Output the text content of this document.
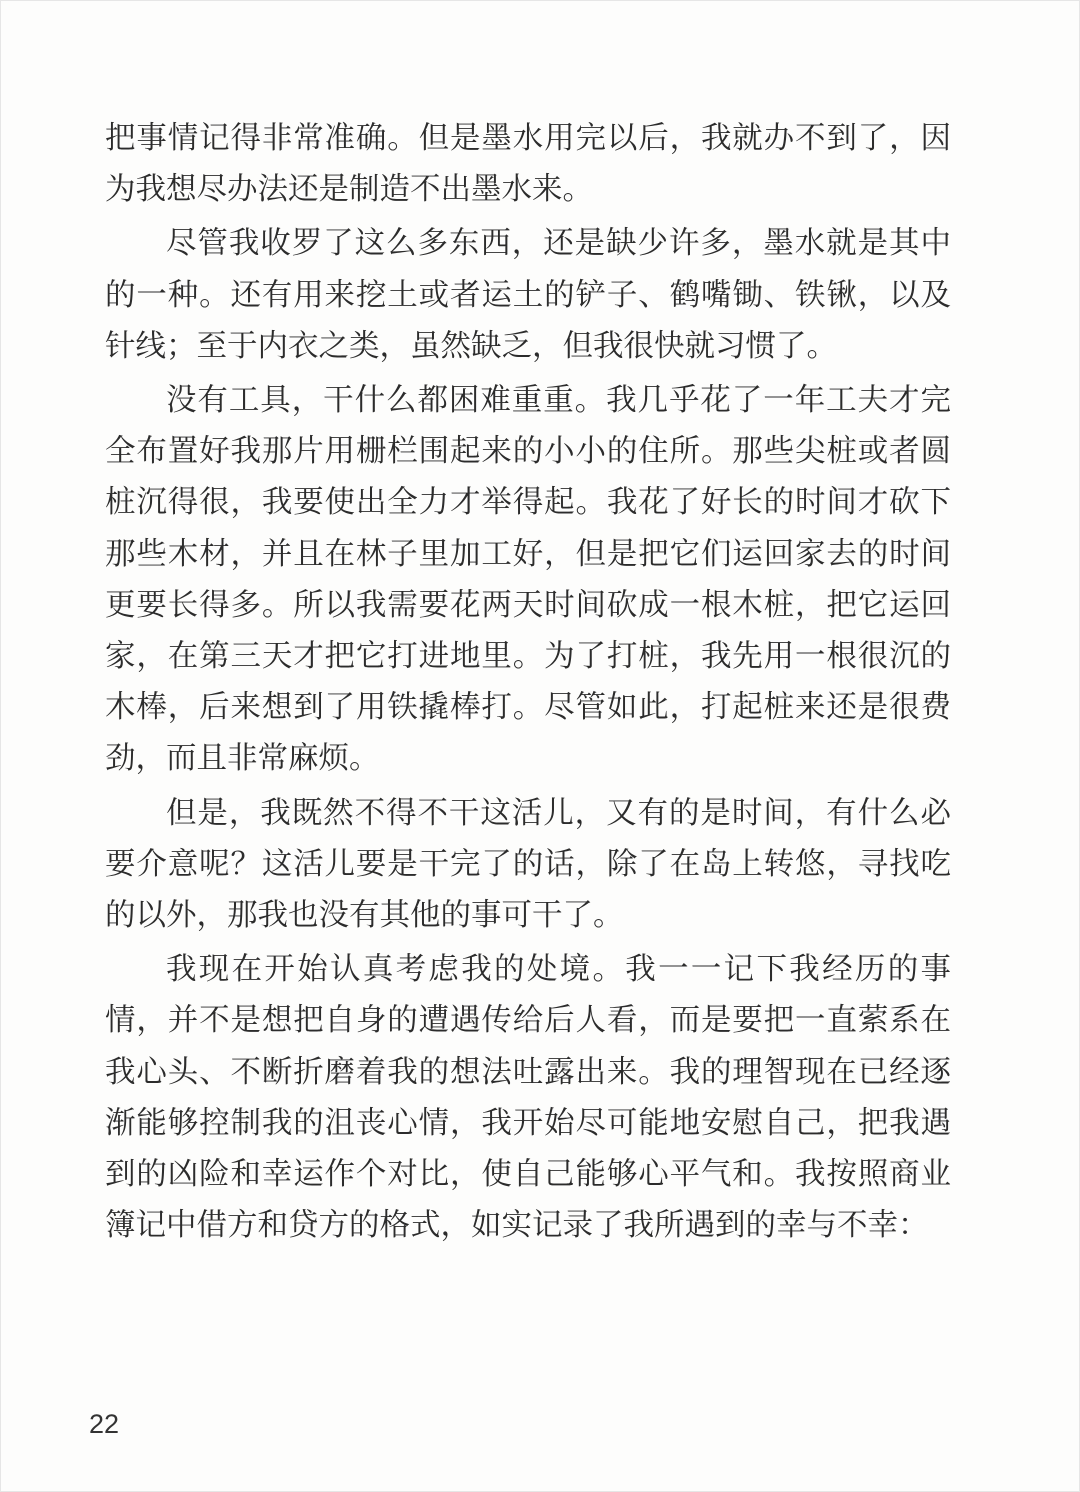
把事情记得非常准确。但是墨水用完以后，我就办不到了，因为我想尽办法还是制造不出墨水来。

尽管我收罗了这么多东西，还是缺少许多，墨水就是其中的一种。还有用来挖土或者运土的铲子、鹤嘴锄、铁锹，以及针线；至于内衣之类，虽然缺乏，但我很快就习惯了。

没有工具，干什么都困难重重。我几乎花了一年工夫才完全布置好我那片用栅栏围起来的小小的住所。那些尖桩或者圆桩沉得很，我要使出全力才举得起。我花了好长的时间才砍下那些木材，并且在林子里加工好，但是把它们运回家去的时间更要长得多。所以我需要花两天时间砍成一根木桩，把它运回家，在第三天才把它打进地里。为了打桩，我先用一根很沉的木棒，后来想到了用铁撬棒打。尽管如此，打起桩来还是很费劲，而且非常麻烦。

但是，我既然不得不干这活儿，又有的是时间，有什么必要介意呢？这活儿要是干完了的话，除了在岛上转悠，寻找吃的以外，那我也没有其他的事可干了。

我现在开始认真考虑我的处境。我一一记下我经历的事情，并不是想把自身的遭遇传给后人看，而是要把一直萦系在我心头、不断折磨着我的想法吐露出来。我的理智现在已经逐渐能够控制我的沮丧心情，我开始尽可能地安慰自己，把我遇到的凶险和幸运作个对比，使自己能够心平气和。我按照商业簿记中借方和贷方的格式，如实记录了我所遇到的幸与不幸：

22
